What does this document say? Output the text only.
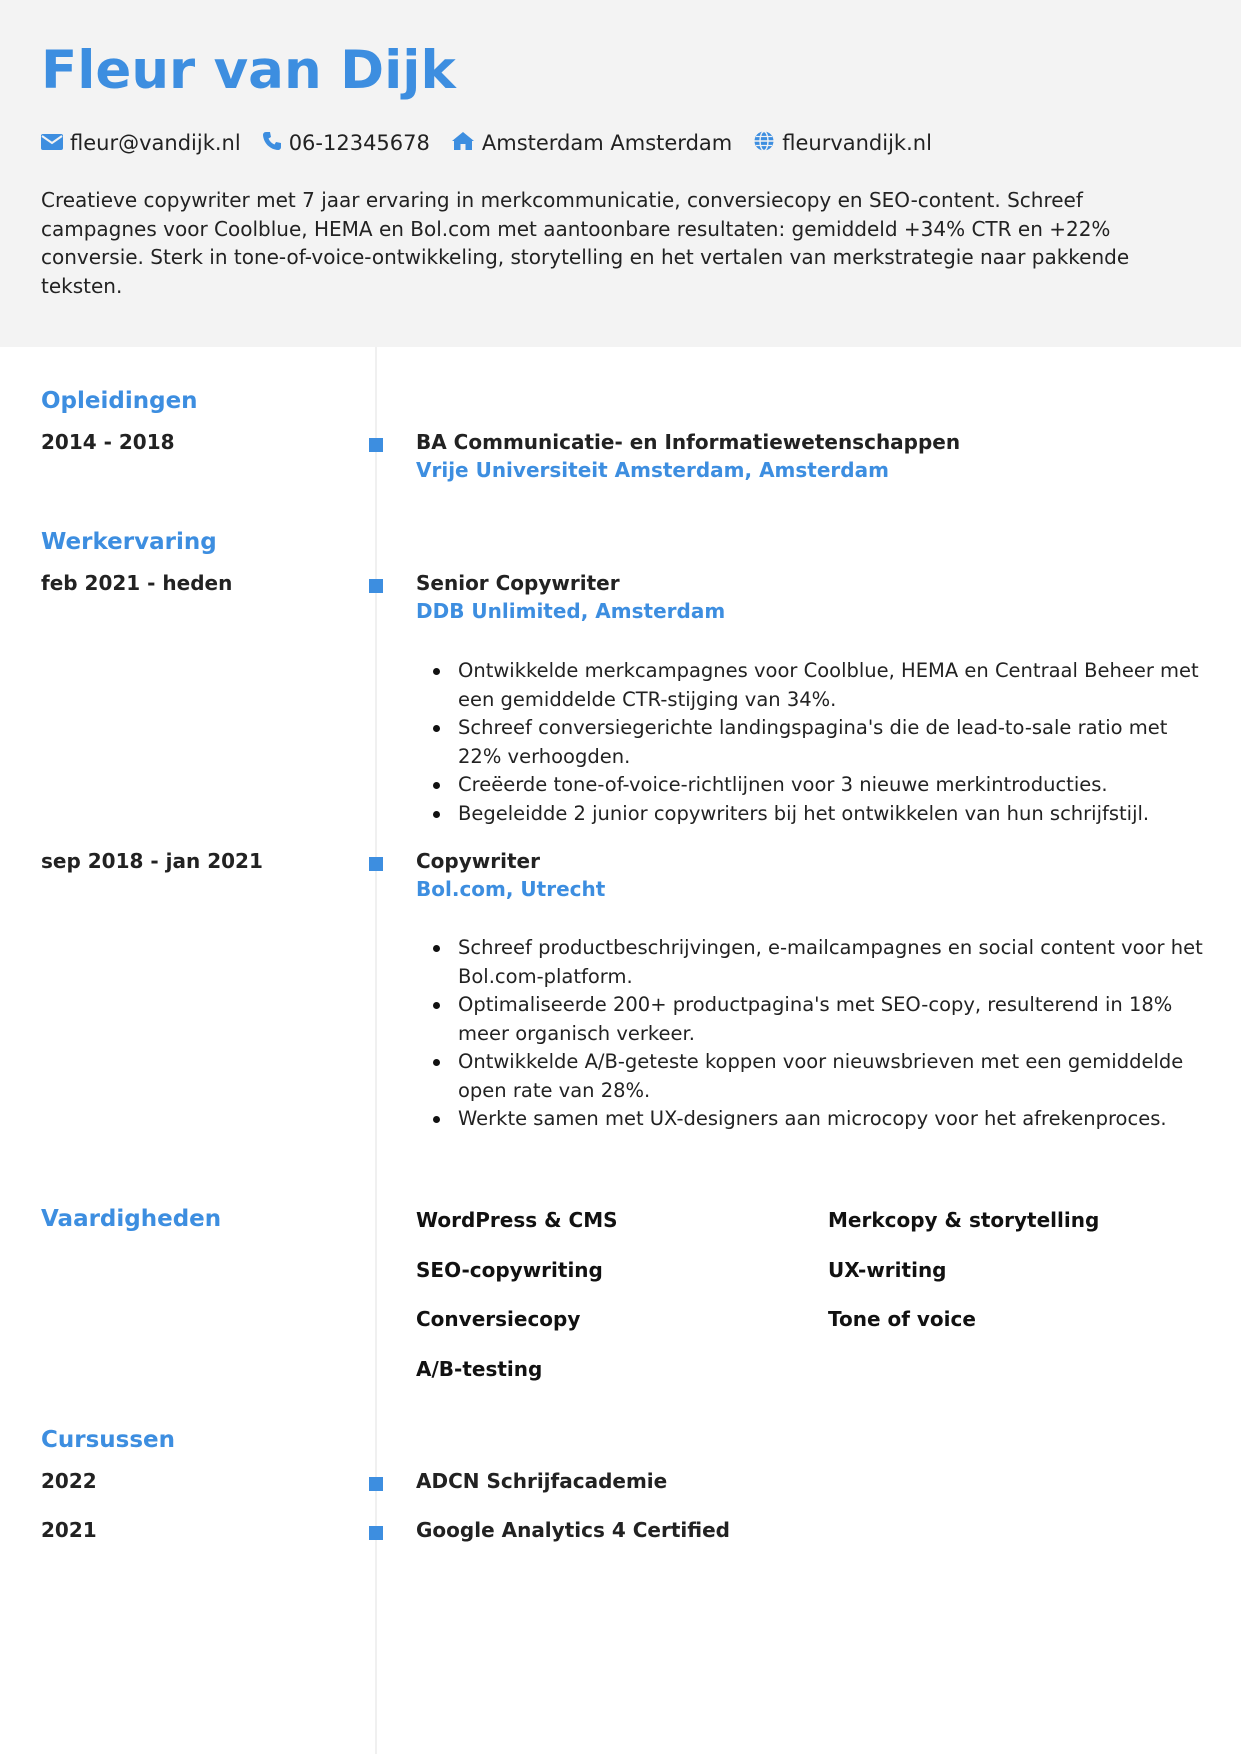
Fleur van Dijk
fleur@vandijk.nl 06-12345678 Amsterdam Amsterdam fleurvandijk.nl

Creatieve copywriter met 7 jaar ervaring in merkcommunicatie, conversiecopy en SEO-content. Schreef campagnes voor Coolblue, HEMA en Bol.com met aantoonbare resultaten: gemiddeld +34% CTR en +22% conversie. Sterk in tone-of-voice-ontwikkeling, storytelling en het vertalen van merkstrategie naar pakkende teksten.

Opleidingen
2014 - 2018	BA Communicatie- en Informatiewetenschappen
Vrije Universiteit Amsterdam, Amsterdam
Werkervaring
feb 2021 - heden	Senior Copywriter
DDB Unlimited, Amsterdam
Ontwikkelde merkcampagnes voor Coolblue, HEMA en Centraal Beheer met een gemiddelde CTR-stijging van 34%.
Schreef conversiegerichte landingspagina's die de lead-to-sale ratio met 22% verhoogden.
Creëerde tone-of-voice-richtlijnen voor 3 nieuwe merkintroducties.
Begeleidde 2 junior copywriters bij het ontwikkelen van hun schrijfstijl.
sep 2018 - jan 2021	Copywriter
Bol.com, Utrecht
Schreef productbeschrijvingen, e-mailcampagnes en social content voor het Bol.com-platform.
Optimaliseerde 200+ productpagina's met SEO-copy, resulterend in 18% meer organisch verkeer.
Ontwikkelde A/B-geteste koppen voor nieuwsbrieven met een gemiddelde open rate van 28%.
Werkte samen met UX-designers aan microcopy voor het afrekenproces.
Vaardigheden	WordPress & CMS	Merkcopy & storytelling
SEO-copywriting	UX-writing
Conversiecopy	Tone of voice
A/B-testing
Cursussen
2022	ADCN Schrijfacademie
2021	Google Analytics 4 Certified
